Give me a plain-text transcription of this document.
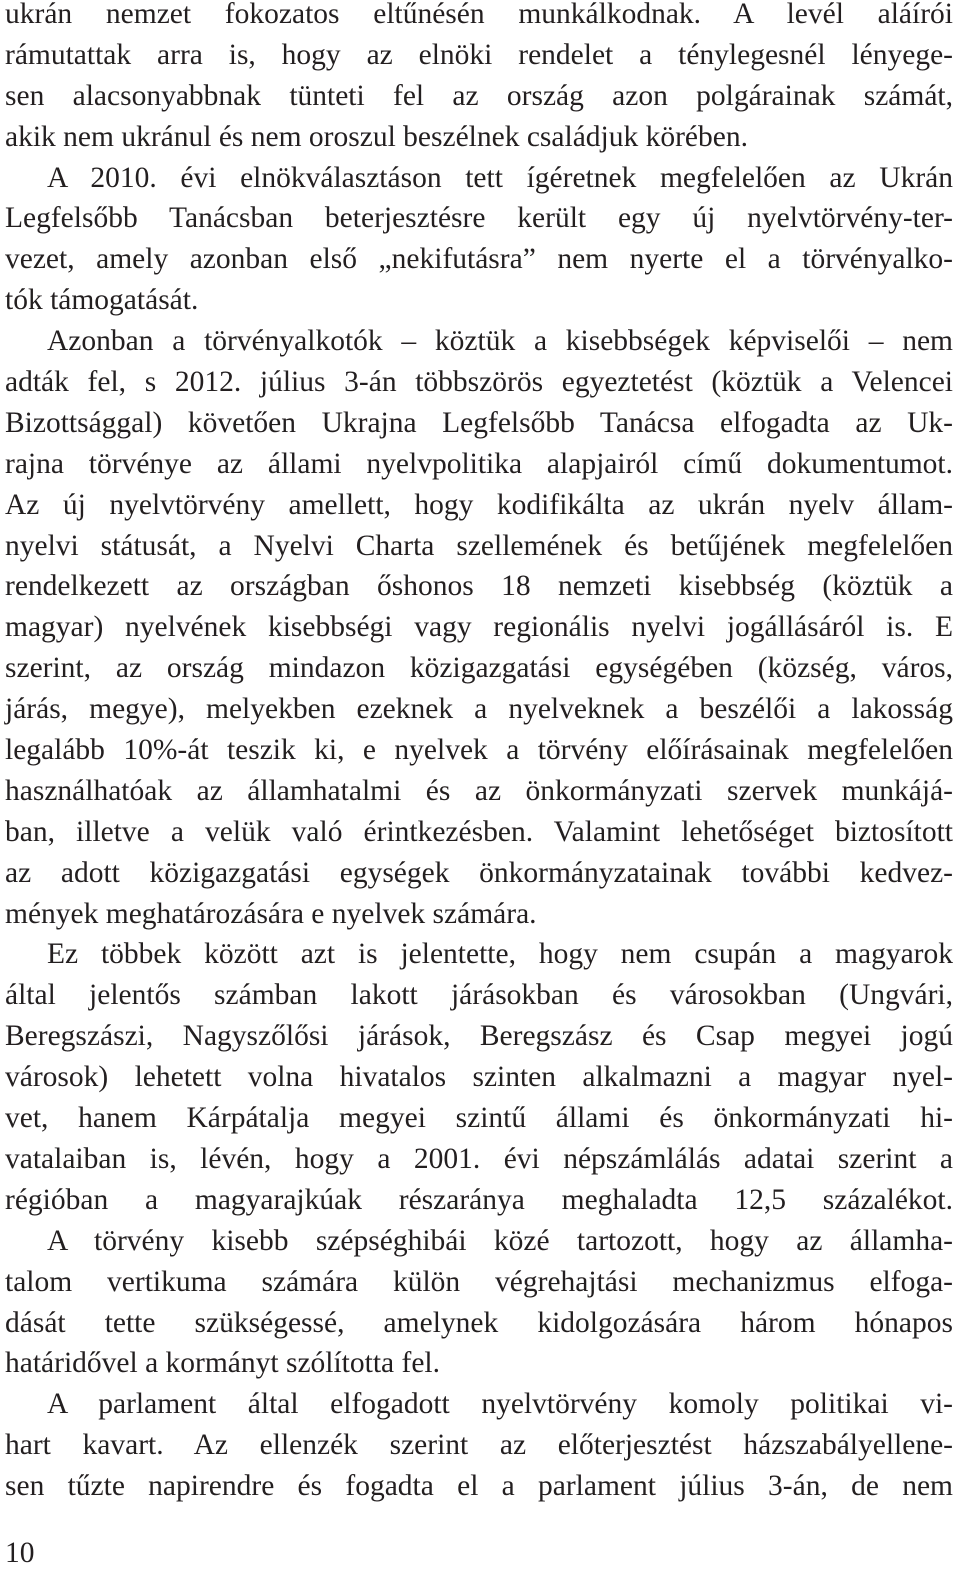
ukrán nemzet fokozatos eltűnésén munkálkodnak. A levél aláírói
rámutattak arra is, hogy az elnöki rendelet a ténylegesnél lényege-
sen alacsonyabbnak tünteti fel az ország azon polgárainak számát,
akik nem ukránul és nem oroszul beszélnek családjuk körében.
A 2010. évi elnökválasztáson tett ígéretnek megfelelően az Ukrán
Legfelsőbb Tanácsban beterjesztésre került egy új nyelvtörvény-ter-
vezet, amely azonban első „nekifutásra” nem nyerte el a törvényalko-
tók támogatását.
Azonban a törvényalkotók – köztük a kisebbségek képviselői – nem
adták fel, s 2012. július 3-án többszörös egyeztetést (köztük a Velencei
Bizottsággal) követően Ukrajna Legfelsőbb Tanácsa elfogadta az Uk-
rajna törvénye az állami nyelvpolitika alapjairól című dokumentumot.
Az új nyelvtörvény amellett, hogy kodifikálta az ukrán nyelv állam-
nyelvi státusát, a Nyelvi Charta szellemének és betűjének megfelelően
rendelkezett az országban őshonos 18 nemzeti kisebbség (köztük a
magyar) nyelvének kisebbségi vagy regionális nyelvi jogállásáról is. E
szerint, az ország mindazon közigazgatási egységében (község, város,
járás, megye), melyekben ezeknek a nyelveknek a beszélői a lakosság
legalább 10%-át teszik ki, e nyelvek a törvény előírásainak megfelelően
használhatóak az államhatalmi és az önkormányzati szervek munkájá-
ban, illetve a velük való érintkezésben. Valamint lehetőséget biztosított
az adott közigazgatási egységek önkormányzatainak további kedvez-
mények meghatározására e nyelvek számára.
Ez többek között azt is jelentette, hogy nem csupán a magyarok
által jelentős számban lakott járásokban és városokban (Ungvári,
Beregszászi, Nagyszőlősi járások, Beregszász és Csap megyei jogú
városok) lehetett volna hivatalos szinten alkalmazni a magyar nyel-
vet, hanem Kárpátalja megyei szintű állami és önkormányzati hi-
vatalaiban is, lévén, hogy a 2001. évi népszámlálás adatai szerint a
régióban a magyarajkúak részaránya meghaladta 12,5 százalékot.
A törvény kisebb szépséghibái közé tartozott, hogy az államha-
talom vertikuma számára külön végrehajtási mechanizmus elfoga-
dását tette szükségessé, amelynek kidolgozására három hónapos
határidővel a kormányt szólította fel.
A parlament által elfogadott nyelvtörvény komoly politikai vi-
hart kavart. Az ellenzék szerint az előterjesztést házszabályellene-
sen tűzte napirendre és fogadta el a parlament július 3-án, de nem
10
